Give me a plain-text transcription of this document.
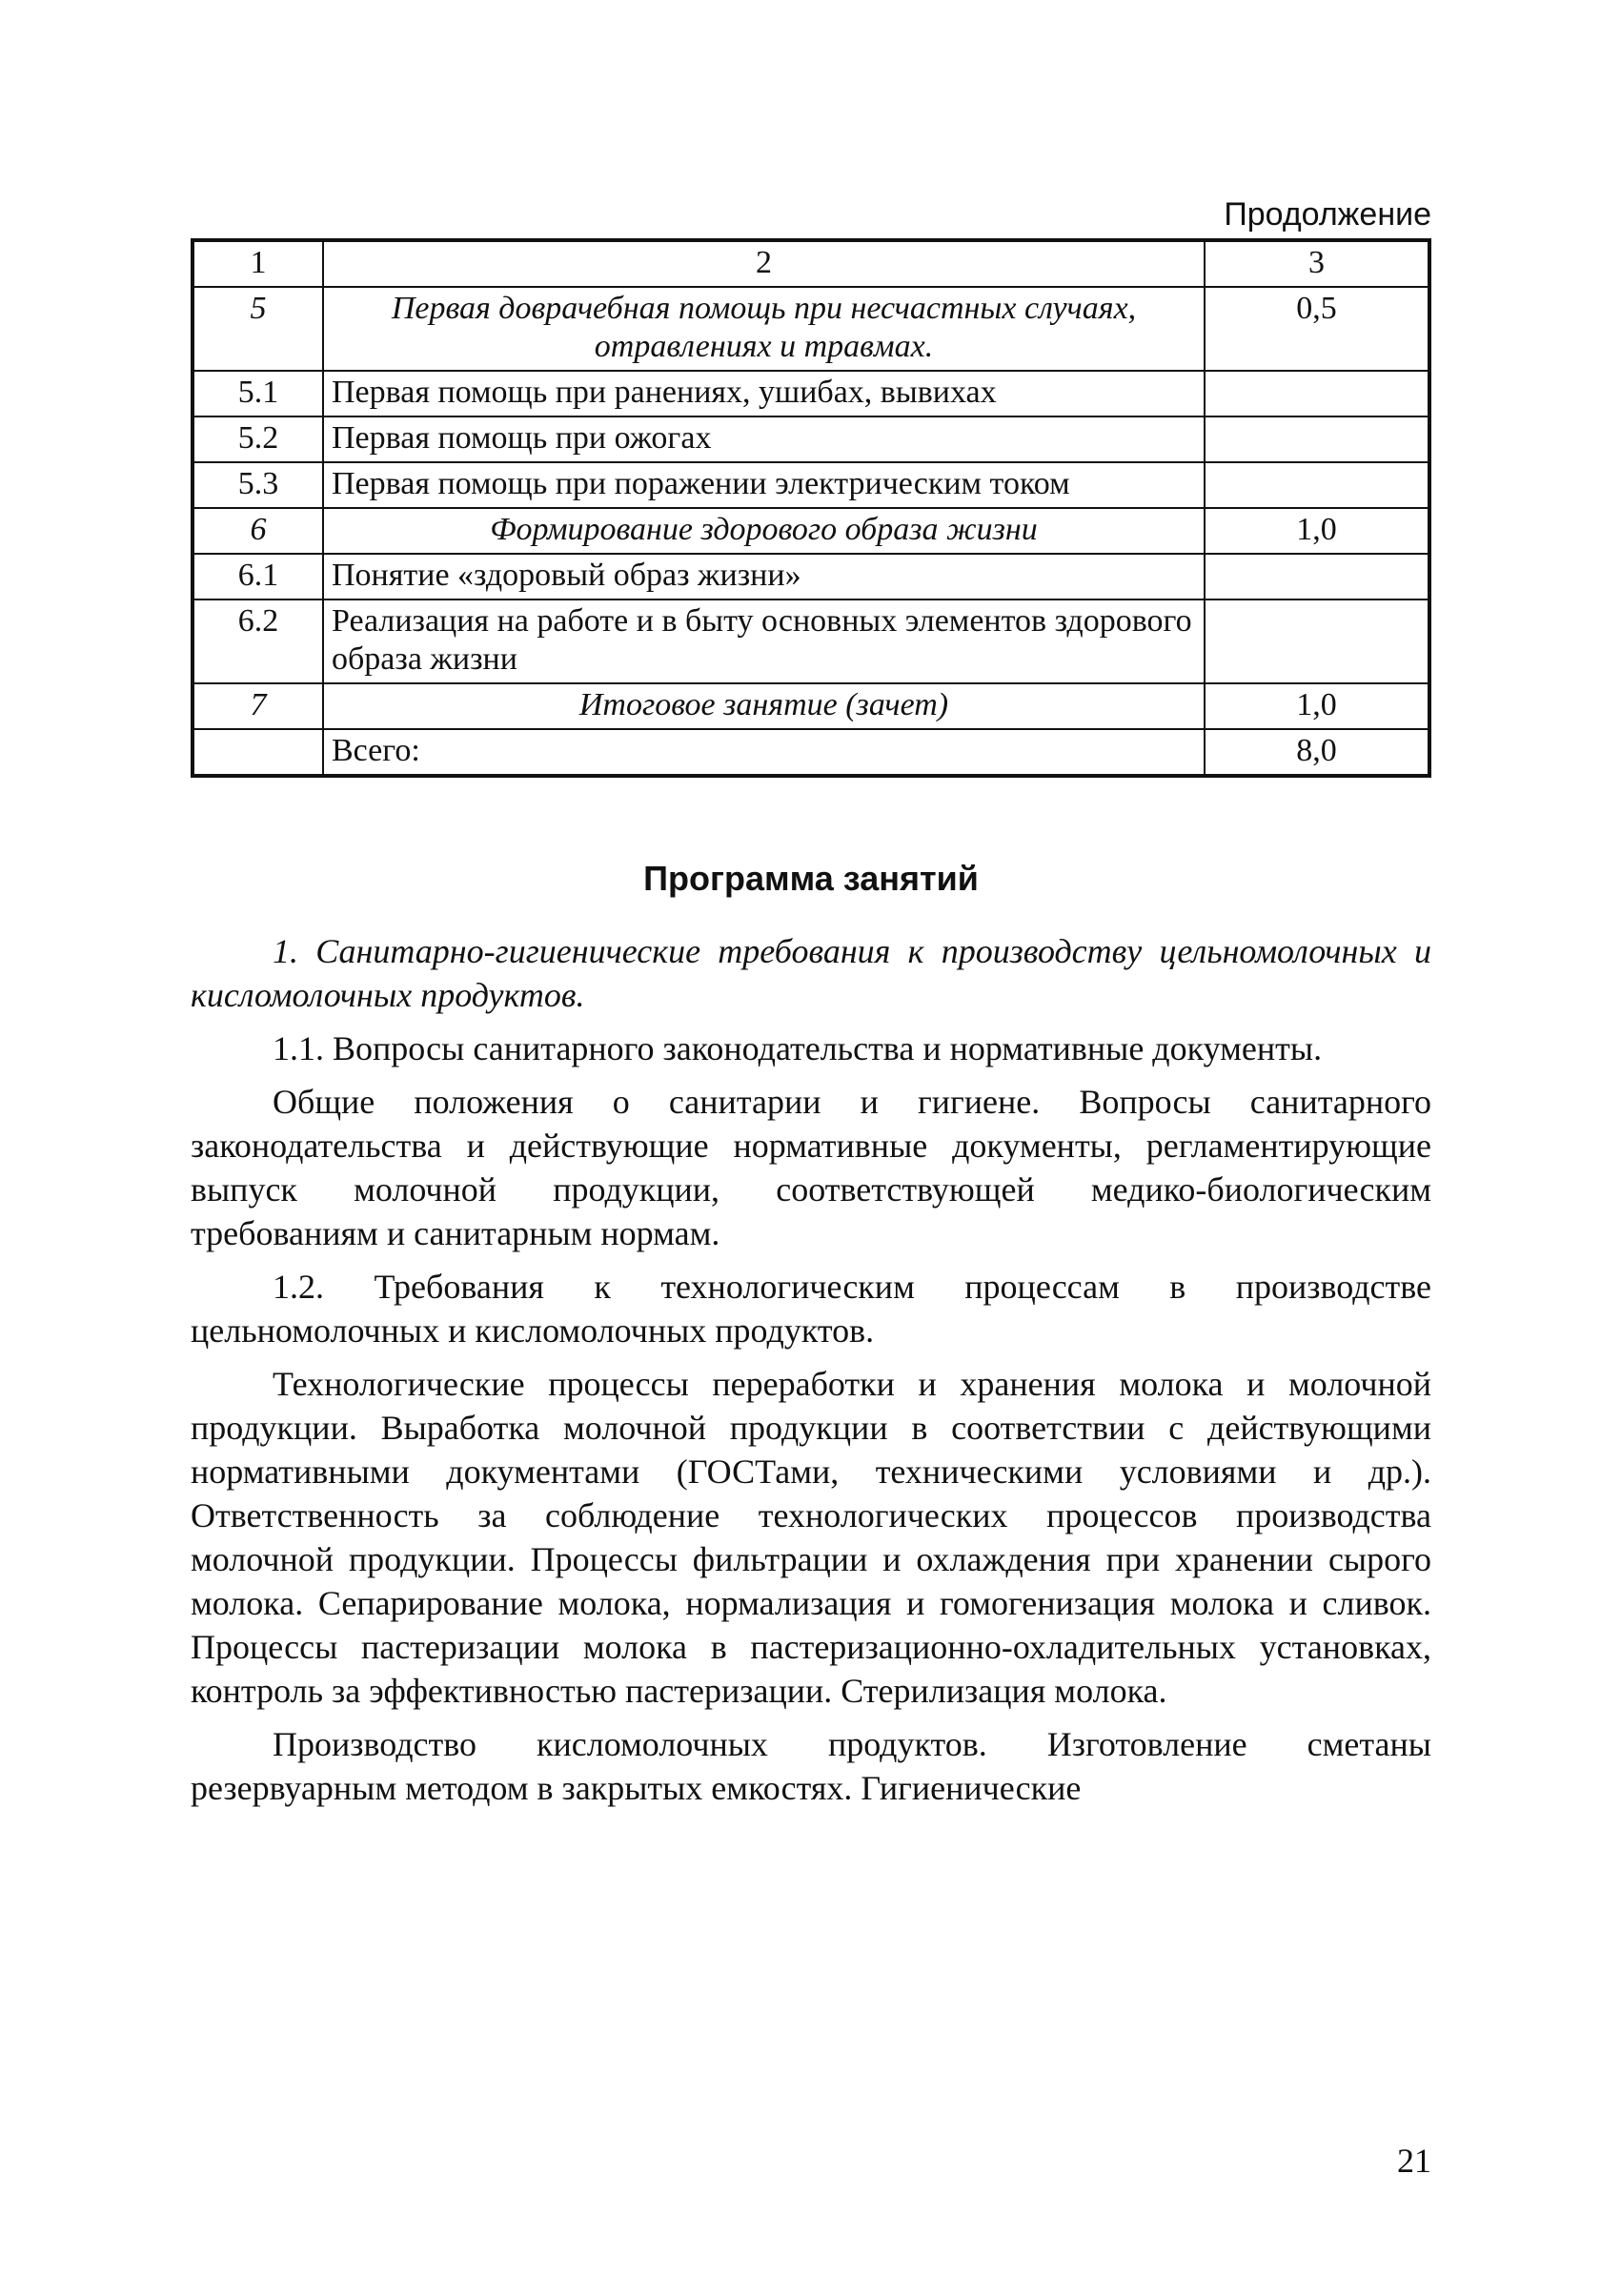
Продолжение
1	2	3
5	Первая доврачебная помощь при несчастных случаях, отравлениях и травмах.	0,5
5.1	Первая помощь при ранениях, ушибах, вывихах	
5.2	Первая помощь при ожогах	
5.3	Первая помощь при поражении электрическим током	
6	Формирование здорового образа жизни	1,0
6.1	Понятие «здоровый образ жизни»	
6.2	Реализация на работе и в быту основных элементов здорового образа жизни	
7	Итоговое занятие (зачет)	1,0
	Всего:	8,0
Программа занятий

1. Санитарно-гигиенические требования к производству цельномолочных и кисломолочных продуктов.

1.1. Вопросы санитарного законодательства и нормативные документы.

Общие положения о санитарии и гигиене. Вопросы санитарного законодательства и действующие нормативные документы, регламентирующие выпуск молочной продукции, соответствующей медико-биологическим требованиям и санитарным нормам.

1.2. Требования к технологическим процессам в производстве цельномолочных и кисломолочных продуктов.

Технологические процессы переработки и хранения молока и молочной продукции. Выработка молочной продукции в соответствии с действующими нормативными документами (ГОСТами, техническими условиями и др.). Ответственность за соблюдение технологических процессов производства молочной продукции. Процессы фильтрации и охлаждения при хранении сырого молока. Сепарирование молока, нормализация и гомогенизация молока и сливок. Процессы пастеризации молока в пастеризационно-охладительных установках, контроль за эффективностью пастеризации. Стерилизация молока.

Производство кисломолочных продуктов. Изготовление сметаны резервуарным методом в закрытых емкостях. Гигиенические

21
